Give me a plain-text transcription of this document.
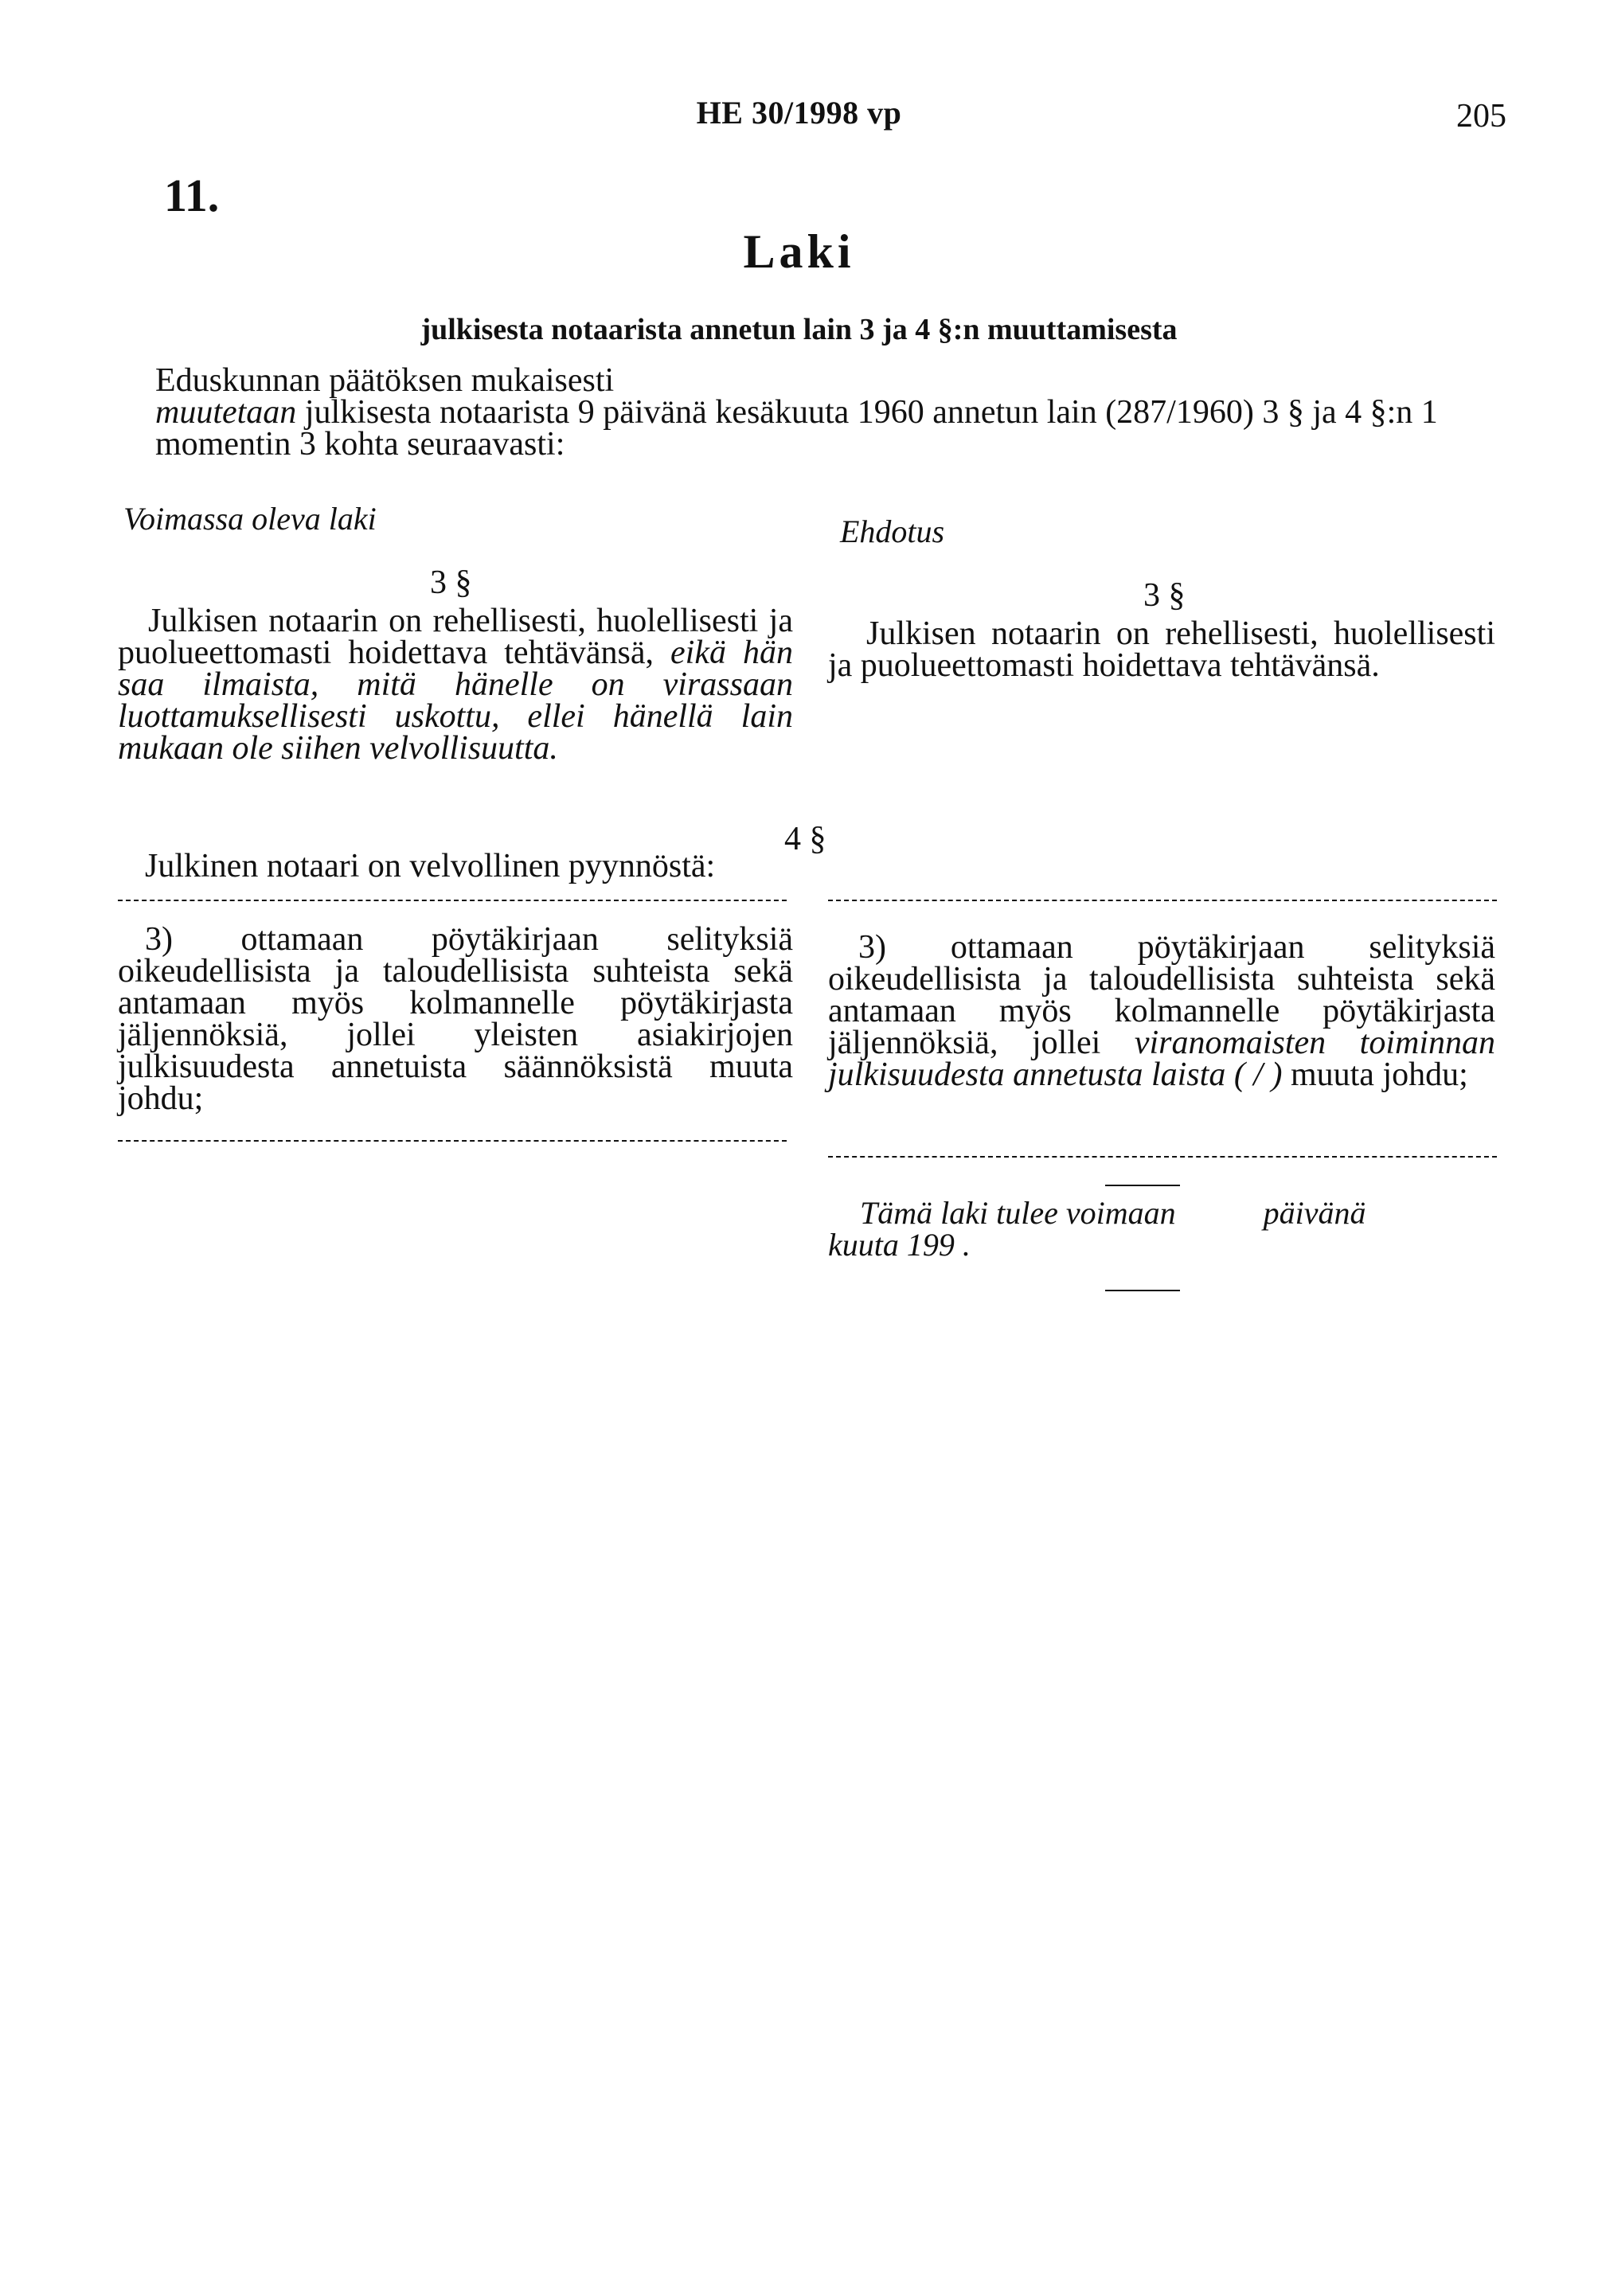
HE 30/1998 vp	205
11.
Laki
julkisesta notaarista annetun lain 3 ja 4 §:n muuttamisesta

Eduskunnan päätöksen mukaisesti

muutetaan julkisesta notaarista 9 päivänä kesäkuuta 1960 annetun lain (287/1960) 3 § ja 4 §:n 1 momentin 3 kohta seuraavasti:

Voimassa oleva laki	Ehdotus
3 §	3 §

Julkisen notaarin on rehellisesti, huolellisesti ja puolueettomasti hoidettava tehtävänsä, eikä hän saa ilmaista, mitä hänelle on virassaan luottamuksellisesti uskottu, ellei hänellä lain mukaan ole siihen velvollisuutta.

Julkisen notaarin on rehellisesti, huolellisesti ja puolueettomasti hoidettava tehtävänsä.

4 §

Julkinen notaari on velvollinen pyynnöstä:

3) ottamaan pöytäkirjaan selityksiä oikeudellisista ja taloudellisista suhteista sekä antamaan myös kolmannelle pöytäkirjasta jäljennöksiä, jollei yleisten asiakirjojen julkisuudesta annetuista säännöksistä muuta johdu;

3) ottamaan pöytäkirjaan selityksiä oikeudellisista ja taloudellisista suhteista sekä antamaan myös kolmannelle pöytäkirjasta jäljennöksiä, jollei viranomaisten toiminnan julkisuudesta annetusta laista ( / ) muuta johdu;

Tämä laki tulee voimaan	päivänä
kuuta 199 .
